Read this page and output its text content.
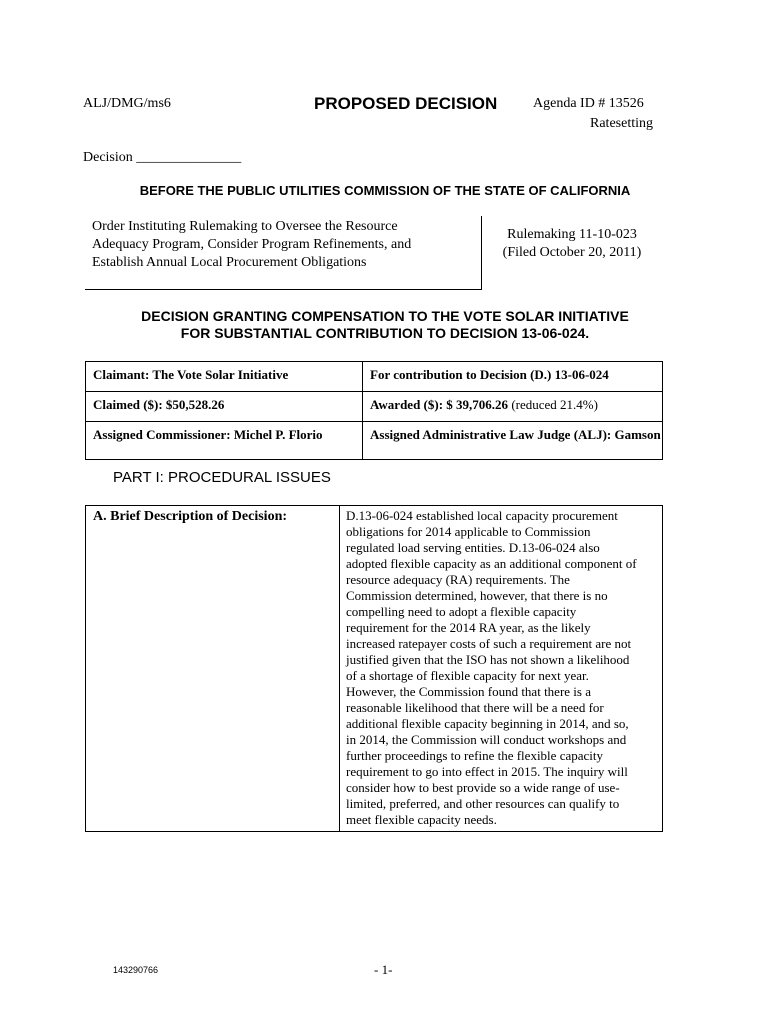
ALJ/DMG/ms6	PROPOSED DECISION	Agenda ID # 13526
Ratesetting
Decision _______________
BEFORE THE PUBLIC UTILITIES COMMISSION OF THE STATE OF CALIFORNIA
Order Instituting Rulemaking to Oversee the Resource
Adequacy Program, Consider Program Refinements, and
Establish Annual Local Procurement Obligations
Rulemaking 11-10-023
(Filed October 20, 2011)
DECISION GRANTING COMPENSATION TO THE VOTE SOLAR INITIATIVE
FOR SUBSTANTIAL CONTRIBUTION TO DECISION 13-06-024.
Claimant: The Vote Solar Initiative	For contribution to Decision (D.) 13-06-024
Claimed ($): $50,528.26	Awarded ($): $ 39,706.26 (reduced 21.4%)
Assigned Commissioner: Michel P. Florio	Assigned Administrative Law Judge (ALJ): Gamson
PART I: PROCEDURAL ISSUES
A. Brief Description of Decision:	D.13-06-024 established local capacity procurement
obligations for 2014 applicable to Commission
regulated load serving entities. D.13-06-024 also
adopted flexible capacity as an additional component of
resource adequacy (RA) requirements. The
Commission determined, however, that there is no
compelling need to adopt a flexible capacity
requirement for the 2014 RA year, as the likely
increased ratepayer costs of such a requirement are not
justified given that the ISO has not shown a likelihood
of a shortage of flexible capacity for next year.
However, the Commission found that there is a
reasonable likelihood that there will be a need for
additional flexible capacity beginning in 2014, and so,
in 2014, the Commission will conduct workshops and
further proceedings to refine the flexible capacity
requirement to go into effect in 2015. The inquiry will
consider how to best provide so a wide range of use-
limited, preferred, and other resources can qualify to
meet flexible capacity needs.
143290766	- 1-
